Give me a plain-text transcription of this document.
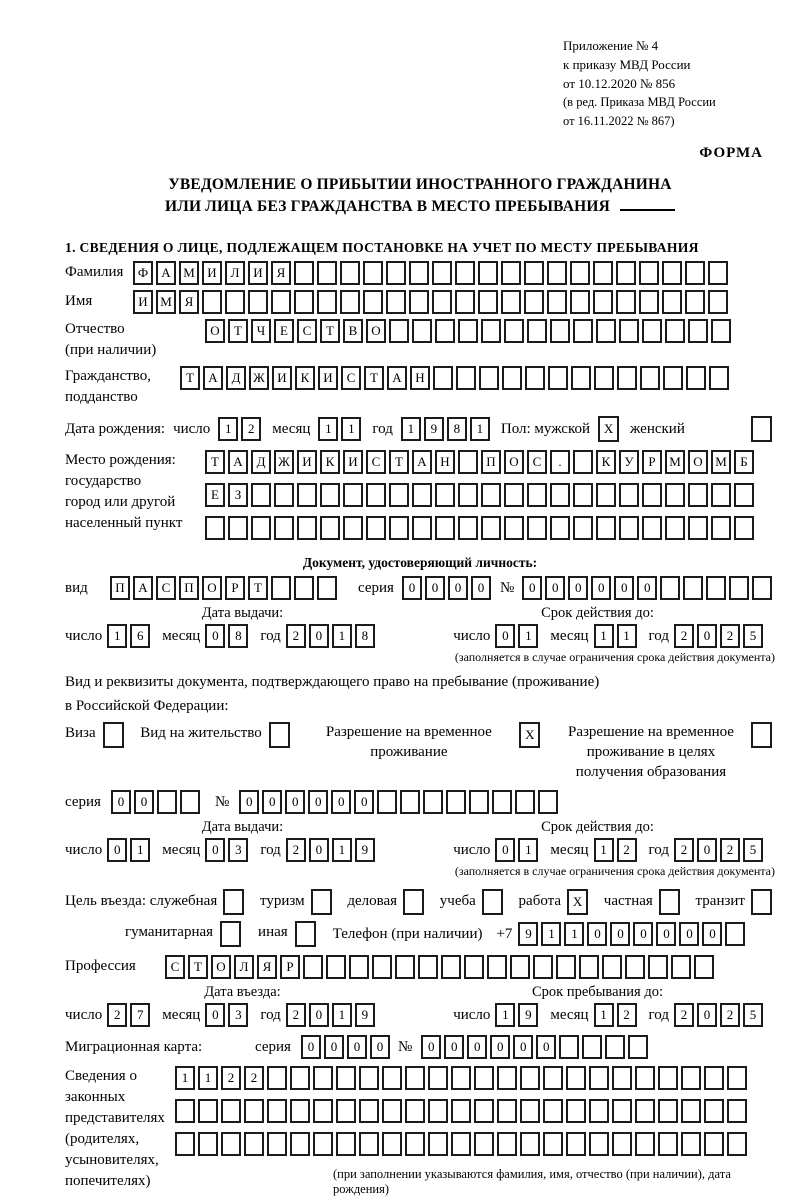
Приложение № 4
к приказу МВД России
от 10.12.2020 № 856
(в ред. Приказа МВД России
от 16.11.2022 № 867)
ФОРМА
УВЕДОМЛЕНИЕ О ПРИБЫТИИ ИНОСТРАННОГО ГРАЖДАНИНА
ИЛИ ЛИЦА БЕЗ ГРАЖДАНСТВА В МЕСТО ПРЕБЫВАНИЯ
1. СВЕДЕНИЯ О ЛИЦЕ, ПОДЛЕЖАЩЕМ ПОСТАНОВКЕ НА УЧЕТ ПО МЕСТУ ПРЕБЫВАНИЯ
Фамилия	Ф	А М И	Л	И	Я
Имя	И М Я
Отчество
(при наличии)
О	Т	Ч	Е	С	Т	В	О
Гражданство,
подданство
Т	А	Д Ж И	К	И	С	Т	А	Н
Дата рождения: число	1	2	месяц	1	1	год	1	9	8	1	Пол: мужской	X	женский
Место рождения:
государство
город или другой
населенный пункт
Т	А	Д Ж И	К	И	С	Т	А	Н	П	О	С	.	К	У	Р	М О М	Б
Е	З
Документ, удостоверяющий личность:
вид	П	А	С	П	О	Р	Т	серия	0	0	0	0	№	0	0	0	0	0	0
Дата выдачи:	Срок действия до:
число 1	6	месяц 0	8	год 2	0	1	8	число 0	1	месяц 1	1	год 2	0	2	5
(заполняется в случае ограничения срока действия документа)
Вид и реквизиты документа, подтверждающего право на пребывание (проживание)
в Российской Федерации:
Виза	Вид на жительство	Разрешение на временное проживание
X	Разрешение на временное проживание в целях получения образования
серия	0	0	№	0	0	0	0	0	0
Дата выдачи:	Срок действия до:
число 0	1	месяц 0	3	год 2	0	1	9	число 0	1	месяц 1	2	год 2	0	2	5
(заполняется в случае ограничения срока действия документа)
Цель въезда: служебная	туризм	деловая	учеба	работа X	частная	транзит
гуманитарная	иная	Телефон (при наличии) +7 9	1	1	0	0	0	0	0	0
Профессия	С	Т	О	Л	Я	Р
Дата въезда:	Срок пребывания до:
число 2	7	месяц 0	3	год 2	0	1	9	число 1	9	месяц 1	2	год 2	0	2	5
Миграционная карта:	серия	0	0	0	0 №	0	0	0	0	0	0
Сведения о
законных
представителях
(родителях,
усыновителях,
попечителях)
1	1	2	2
(при заполнении указываются фамилия, имя, отчество (при наличии), дата рождения)
